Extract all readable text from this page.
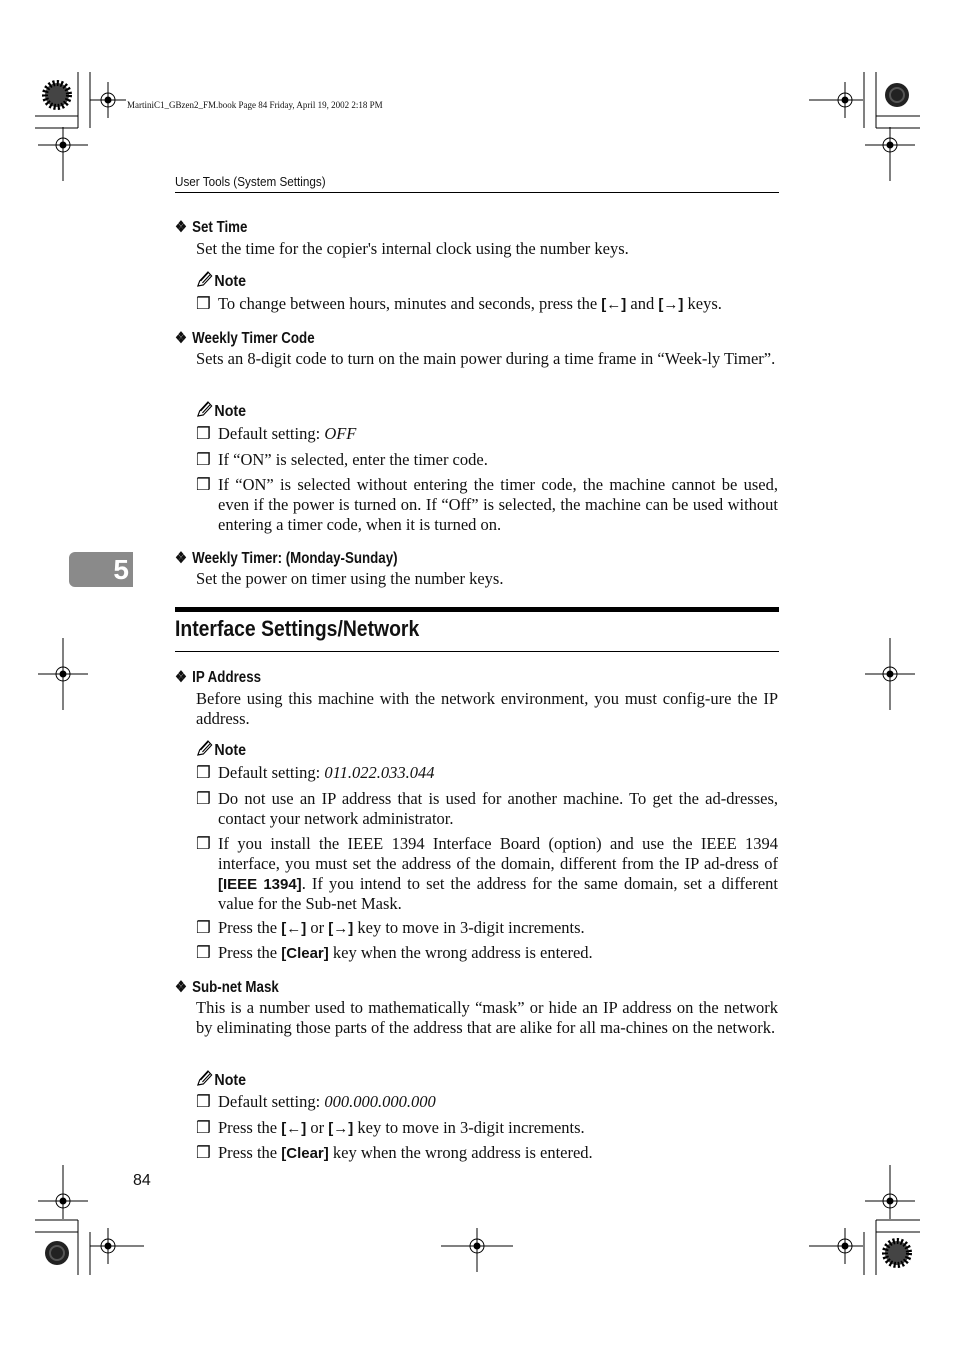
MartiniC1_GBzen2_FM.book Page 84 Friday, April 19, 2002 2:18 PM
User Tools (System Settings)
5
❖ Set Time
Set the time for the copier's internal clock using the number keys.
Note
❒ To change between hours, minutes and seconds, press the [←] and [→] keys.
❖ Weekly Timer Code
Sets an 8-digit code to turn on the main power during a time frame in “Week-ly Timer”.
Note
❒ Default setting: OFF
❒ If “ON” is selected, enter the timer code.
❒ If “ON” is selected without entering the timer code, the machine cannot be used, even if the power is turned on. If “Off” is selected, the machine can be used without entering a timer code, when it is turned on.
❖ Weekly Timer: (Monday-Sunday)
Set the power on timer using the number keys.
Interface Settings/Network
❖ IP Address
Before using this machine with the network environment, you must config-ure the IP address.
Note
❒ Default setting: 011.022.033.044
❒ Do not use an IP address that is used for another machine. To get the ad-dresses, contact your network administrator.
❒ If you install the IEEE 1394 Interface Board (option) and use the IEEE 1394 interface, you must set the address of the domain, different from the IP ad-dress of [IEEE 1394]. If you intend to set the address for the same domain, set a different value for the Sub-net Mask.
❒ Press the [←] or [→] key to move in 3-digit increments.
❒ Press the [Clear] key when the wrong address is entered.
❖ Sub-net Mask
This is a number used to mathematically “mask” or hide an IP address on the network by eliminating those parts of the address that are alike for all ma-chines on the network.
Note
❒ Default setting: 000.000.000.000
❒ Press the [←] or [→] key to move in 3-digit increments.
❒ Press the [Clear] key when the wrong address is entered.
84
